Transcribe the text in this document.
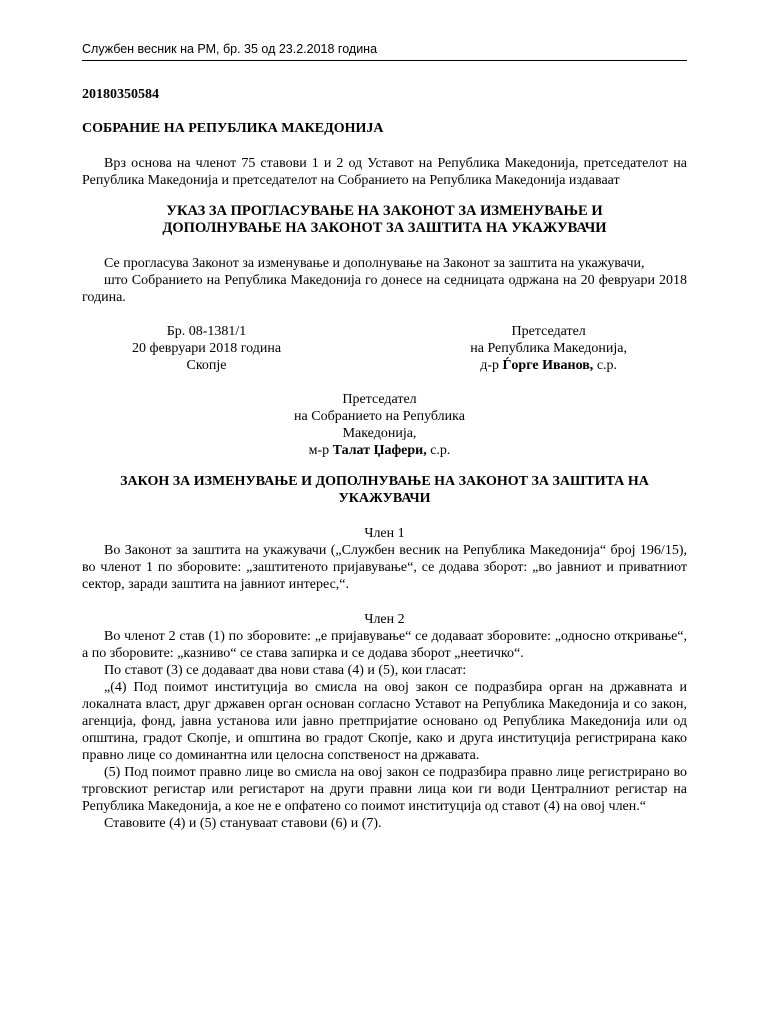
Службен весник на РМ, бр. 35 од 23.2.2018 година

20180350584

СОБРАНИЕ НА РЕПУБЛИКА МАКЕДОНИЈА

Врз основа на членот 75 ставови 1 и 2 од Уставот на Република Македонија, претседателот на Република Македонија и претседателот на Собранието на Република Македонија издаваат

УКАЗ ЗА ПРОГЛАСУВАЊЕ НА ЗАКОНОТ ЗА ИЗМЕНУВАЊЕ И
ДОПОЛНУВАЊЕ НА ЗАКОНОТ ЗА ЗАШТИТА НА УКАЖУВАЧИ

Се прогласува Законот за изменување и дополнување на Законот за заштита на укажувачи,

што Собранието на Република Македонија го донесе на седницата одржана на 20 февруари 2018 година.

Бр. 08-1381/1
20 февруари 2018 година
Скопје
Претседател
на Република Македонија,
д-р Ѓорге Иванов, с.р.
Претседател
на Собранието на Република
Македонија,
м-р Талат Џафери, с.р.
ЗАКОН ЗА ИЗМЕНУВАЊЕ И ДОПОЛНУВАЊЕ НА ЗАКОНОТ ЗА ЗАШТИТА НА
УКАЖУВАЧИ

Член 1

Во Законот за заштита на укажувачи („Службен весник на Република Македонија“ број 196/15), во членот 1 по зборовите: „заштитеното пријавување“, се додава зборот: „во јавниот и приватниот сектор, заради заштита на јавниот интерес,“.

Член 2

Во членот 2 став (1) по зборовите: „е пријавување“ се додаваат зборовите: „односно откривање“, а по зборовите: „казниво“ се става запирка и се додава зборот „неетичко“.

По ставот (3) се додаваат два нови става (4) и (5), кои гласат:

„(4) Под поимот институција во смисла на овој закон се подразбира орган на државната и локалната власт, друг државен орган основан согласно Уставот на Република Македонија и со закон, агенција, фонд, јавна установа или јавно претпријатие основано од Република Македонија или од општина, градот Скопје, и општина во градот Скопје, како и друга институција регистрирана како правно лице со доминантна или целосна сопственост на државата.

(5) Под поимот правно лице во смисла на овој закон се подразбира правно лице регистрирано во трговскиот регистар или регистарот на други правни лица кои ги води Централниот регистар на Република Македонија, а кое не е опфатено со поимот институција од ставот (4) на овој член.“

Ставовите (4) и (5) стануваат ставови (6) и (7).
